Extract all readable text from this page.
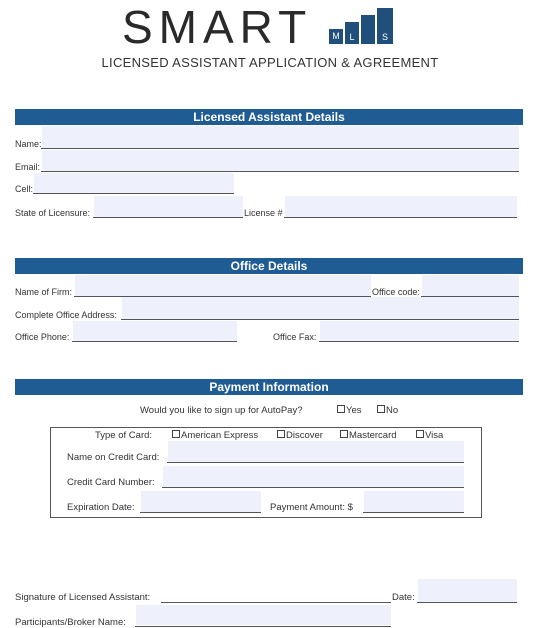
SMART	M	L	S
LICENSED ASSISTANT APPLICATION & AGREEMENT
Licensed Assistant Details
Name:
Email:
Cell:
State of Licensure:	License #
Office Details
Name of Firm:	Office code:
Complete Office Address:
Office Phone:	Office Fax:
Payment Information
Would you like to sign up for AutoPay?	Yes	No
Type of Card:	American Express	Discover	Mastercard	Visa
Name on Credit Card:
Credit Card Number:
Expiration Date:	Payment Amount: $
Signature of Licensed Assistant:	Date:
Participants/Broker Name:
